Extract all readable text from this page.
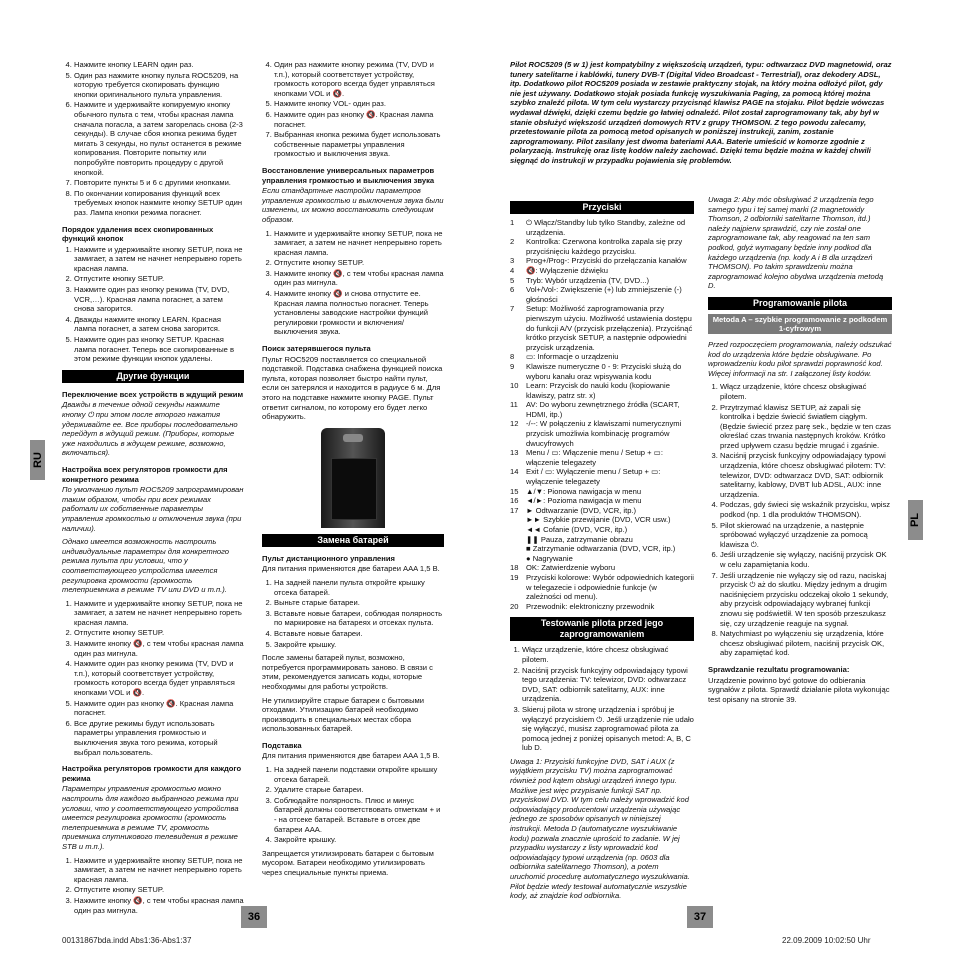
4. Нажмите кнопку LEARN один раз.
5. Один раз нажмите кнопку пульта ROC5209, на которую требуется скопировать функцию кнопки оригинального пульта управления.
6. Нажмите и удерживайте копируемую кнопку обычного пульта с тем, чтобы красная лампа сначала погасла, а затем загорелась снова (2-3 секунды). В случае сбоя кнопка режима будет мигать 3 секунды, но пульт останется в режиме копирования. Повторите попытку или попробуйте повторить процедуру с другой кнопкой.
7. Повторите пункты 5 и 6 с другими кнопками.
8. По окончании копирования функций всех требуемых кнопок нажмите кнопку SETUP один раз. Лампа кнопки режима погаснет.
Порядок удаления всех скопированных функций кнопок
1. Нажмите и удерживайте кнопку SETUP, пока не замигает, а затем не начнет непрерывно гореть красная лампа.
2. Отпустите кнопку SETUP.
3. Нажмите один раз кнопку режима (TV, DVD, VCR,…). Красная лампа погаснет, а затем снова загорится.
4. Дважды нажмите кнопку LEARN. Красная лампа погаснет, а затем снова загорится.
5. Нажмите один раз кнопку SETUP. Красная лампа погаснет. Теперь все скопированные в этом режиме функции кнопок удалены.
Другие функции
Переключение всех устройств в ждущий режим

Дважды в течение одной секунды нажмите кнопку ⏻ при этом после второго нажатия удерживайте ее. Все приборы последовательно перейдут в ждущий режим. (Приборы, которые уже находились в ждущем режиме, возможно, включаться).

Настройка всех регуляторов громкости для конкретного режима

По умолчанию пульт ROC5209 запрограммирован таким образом, чтобы при всех режимах работали их собственные параметры управления громкостью и отключения звука (при наличии).

Однако имеется возможность настроить индивидуальные параметры для конкретного режима пульта при условии, что у соответствующего устройства имеется регулировка громкости (громкость телеприемника в режиме TV или DVD и т.п.).

1. Нажмите и удерживайте кнопку SETUP, пока не замигает, а затем не начнет непрерывно гореть красная лампа.
2. Отпустите кнопку SETUP.
3. Нажмите кнопку 🔇, с тем чтобы красная лампа один раз мигнула.
4. Нажмите один раз кнопку режима (TV, DVD и т.п.), который соответствует устройству, громкость которого всегда будет управляться кнопками VOL и 🔇.
5. Нажмите один раз кнопку 🔇. Красная лампа погаснет.
6. Все другие режимы будут использовать параметры управления громкостью и выключения звука того режима, который выбрал пользователь.
Настройка регуляторов громкости для каждого режима

Параметры управления громкостью можно настроить для каждого выбранного режима при условии, что у соответствующего устройства имеется регулировка громкости (громкость телеприемника в режиме TV, громкость приемника спутникового телевидения в режиме STB и т.п.).

1. Нажмите и удерживайте кнопку SETUP, пока не замигает, а затем не начнет непрерывно гореть красная лампа.
2. Отпустите кнопку SETUP.
3. Нажмите кнопку 🔇, с тем чтобы красная лампа один раз мигнула.
4. Один раз нажмите кнопку режима (TV, DVD и т.п.), который соответствует устройству, громкость которого всегда будет управляться кнопками VOL и 🔇.
5. Нажмите кнопку VOL- один раз.
6. Нажмите один раз кнопку 🔇. Красная лампа погаснет.
7. Выбранная кнопка режима будет использовать собственные параметры управления громкостью и выключения звука.
Восстановление универсальных параметров управления громкостью и выключения звука

Если стандартные настройки параметров управления громкостью и выключения звука были изменены, их можно восстановить следующим образом.

1. Нажмите и удерживайте кнопку SETUP, пока не замигает, а затем не начнет непрерывно гореть красная лампа.
2. Отпустите кнопку SETUP.
3. Нажмите кнопку 🔇, с тем чтобы красная лампа один раз мигнула.
4. Нажмите кнопку 🔇 и снова отпустите ее. Красная лампа полностью погаснет. Теперь установлены заводские настройки функций регулировки громкости и включения/выключения звука.
Поиск затерявшегося пульта

Пульт ROC5209 поставляется со специальной подставкой. Подставка снабжена функцией поиска пульта, которая позволяет быстро найти пульт, если он затерялся и находится в радиусе 6 м. Для этого на подставке нажмите кнопку PAGE. Пульт ответит сигналом, по которому его будет легко обнаружить.

Замена батарей
Пульт дистанционного управления

Для питания применяются две батареи AAA 1,5 В.

1. На задней панели пульта откройте крышку отсека батарей.
2. Выньте старые батареи.
3. Вставьте новые батареи, соблюдая полярность по маркировке на батареях и отсеках пульта.
4. Вставьте новые батареи.
5. Закройте крышку.

После замены батарей пульт, возможно, потребуется программировать заново. В связи с этим, рекомендуется записать коды, которые необходимы для работы устройств.

Не утилизируйте старые батареи с бытовыми отходами. Утилизацию батарей необходимо производить в специальных местах сбора использованных батарей.

Подставка

Для питания применяются две батареи AAA 1,5 В.

1. На задней панели подставки откройте крышку отсека батарей.
2. Удалите старые батареи.
3. Соблюдайте полярность. Плюс и минус батарей должны соответствовать отметкам + и - на отсеке батарей. Вставьте в отсек две батареи AAA.
4. Закройте крышку.

Запрещается утилизировать батареи с бытовым мусором. Батареи необходимо утилизировать через специальные пункты приема.

Pilot ROC5209 (5 w 1) jest kompatybilny z większością urządzeń, typu: odtwarzacz DVD magnetowid, oraz tunery satelitarne i kablówki, tunery DVB-T (Digital Video Broadcast - Terrestrial), oraz dekodery ADSL, itp. Dodatkowo pilot ROC5209 posiada w zestawie praktyczny stojak, na który można odłożyć pilot, gdy nie jest używany. Dodatkowo stojak posiada funkcję wyszukiwania Paging, za pomocą której można szybko znaleźć pilota. W tym celu wystarczy przycisnąć klawisz PAGE na stojaku. Pilot będzie wówczas wydawał dźwięki, dzięki czemu będzie go łatwiej odnaleźć. Pilot został zaprogramowany tak, aby był w stanie obsłużyć większość urządzeń domowych RTV z grupy THOMSON. Z tego powodu zalecamy, przetestowanie pilota za pomocą metod opisanych w poniższej instrukcji, zanim, zostanie zaprogramowany. Pilot zasilany jest dwoma bateriami AAA. Baterie umieścić w komorze zgodnie z polaryzacją. Instrukcję oraz listę kodów należy zachować. Dzięki temu będzie można w każdej chwili sięgnąć do instrukcji w przypadku pojawienia się problemów.

Przyciski
1	⏻ Włącz/Standby lub tylko Standby, zależne od urządzenia.
2	Kontrolka: Czerwona kontrolka zapala się przy przyciśnięciu każdego przycisku.
3	Prog+/Prog-: Przyciski do przełączania kanałów
4	🔇: Wyłączenie dźwięku
5	Tryb: Wybór urządzenia (TV, DVD...)
6	Vol+/Vol-: Zwiększenie (+) lub zmniejszenie (-) głośności
7	Setup: Możliwość zaprogramowania przy pierwszym użyciu. Możliwość ustawienia dostępu do funkcji A/V (przycisk przełączenia). Przyciśnąć krótko przycisk SETUP, a następnie odpowiedni przycisk urządzenia.
8	▭: Informacje o urządzeniu
9	Klawisze numeryczne 0 - 9: Przyciski służą do wyboru kanału oraz wpisywania kodu
10 Learn: Przycisk do nauki kodu (kopiowanie klawiszy, patrz str. x)
11	AV: Do wyboru zewnętrznego źródła (SCART, HDMI, itp.)
12 -/--: W połączeniu z klawiszami numerycznymi przycisk umożliwia kombinację programów dwucyfrowych
13 Menu / ▭: Włączenie menu / Setup + ▭: włączenie telegazety
14 Exit / ▭: Wyłączenie menu / Setup + ▭: wyłączenie telegazety
15 ▲/▼: Pionowa nawigacja w menu
16 ◄/►: Pozioma nawigacja w menu
17 ► Odtwarzanie (DVD, VCR, itp.)
►► Szybkie przewijanie (DVD, VCR usw.)
◄◄ Cofanie (DVD, VCR, itp.)
❚❚ Pauza, zatrzymanie obrazu
■ Zatrzymanie odtwarzania (DVD, VCR, itp.)
● Nagrywanie
18 OK: Zatwierdzenie wyboru
19 Przyciski kolorowe: Wybór odpowiednich kategorii w telegazecie i odpowiednie funkcje (w zależności od menu).
20 Przewodnik: elektroniczny przewodnik
Testowanie pilota przed jego zaprogramowaniem
1. Włącz urządzenie, które chcesz obsługiwać pilotem.
2. Naciśnij przycisk funkcyjny odpowiadający typowi tego urządzenia: TV: telewizor, DVD: odtwarzacz DVD, SAT: odbiornik satelitarny, AUX: inne urządzenia.
3. Skieruj pilota w stronę urządzenia i spróbuj je wyłączyć przyciskiem ⏻. Jeśli urządzenie nie udało się wyłączyć, musisz zaprogramować pilota za pomocą jednej z poniżej opisanych metod: A, B, C lub D.

Uwaga 1: Przyciski funkcyjne DVD, SAT i AUX (z wyjątkiem przycisku TV) można zaprogramować również pod kątem obsługi urządzeń innego typu. Możliwe jest więc przypisanie funkcji SAT np. przyciskowi DVD. W tym celu należy wprowadzić kod odpowiadający producentowi urządzenia używając jednego ze sposobów opisanych w niniejszej instrukcji. Metoda D (automatyczne wyszukiwanie kodu) pozwala znacznie uprościć to zadanie. W jej przypadku wystarczy z listy wprowadzić kod odpowiadający typowi urządzenia (np. 0603 dla odbiornika satelitarnego Thomson), a potem uruchomić procedurę automatycznego wyszukiwania. Pilot będzie wtedy testował automatycznie wszystkie kody, aż znajdzie kod odbiornika.

Uwaga 2: Aby móc obsługiwać 2 urządzenia tego samego typu i tej samej marki (2 magnetowidy Thomson, 2 odbiorniki satelitarne Thomson, itd.) należy najpierw sprawdzić, czy nie został one zaprogramowane tak, aby reagować na ten sam podkod, gdyż wymagany będzie inny podkod dla każdego urządzenia (np. kody A i B dla urządzeń THOMSON). Po takim sprawdzeniu można zaprogramować kolejno obydwa urządzenia metodą D.

Programowanie pilota
Metoda A – szybkie programowanie z podkodem 1-cyfrowym

Przed rozpoczęciem programowania, należy odszukać kod do urządzenia które będzie obsługiwane. Po wprowadzeniu kodu pilot sprawdzi poprawność kod. Więcej informacji na str. I załączonej listy kodów.

1. Włącz urządzenie, które chcesz obsługiwać pilotem.
2. Przytrzymać klawisz SETUP, aż zapali się kontrolka i będzie świecić światłem ciągłym. (Będzie świecić przez parę sek., będzie w ten czas określać czas trwania następnych kroków. Krótko przed upływem czasu będzie mrugać i zgaśnie.
3. Naciśnij przycisk funkcyjny odpowiadający typowi urządzenia, które chcesz obsługiwać pilotem: TV: telewizor, DVD: odtwarzacz DVD, SAT: odbiornik satelitarny, kablowy, DVBT lub ADSL, AUX: inne urządzenia.
4. Podczas, gdy świeci się wskaźnik przycisku, wpisz podkod (np. 1 dla produktów THOMSON).
5. Pilot skierować na urządzenie, a następnie spróbować wyłączyć urządzenie za pomocą klawisza ⏻.
6. Jeśli urządzenie się wyłączy, naciśnij przycisk OK w celu zapamiętania kodu.
7. Jeśli urządzenie nie wyłączy się od razu, naciskaj przycisk ⏻ aż do skutku. Między jednym a drugim naciśnięciem przycisku odczekaj około 1 sekundy, aby przycisk odpowiadający wybranej funkcji znowu się podświetlił. W ten sposób przeszukasz się, czy urządzenie reaguje na sygnał.
8. Natychmiast po wyłączeniu się urządzenia, które chcesz obsługiwać pilotem, naciśnij przycisk OK, aby zapamiętać kod.
Sprawdzanie rezultatu programowania:

Urządzenie powinno być gotowe do odbierania sygnałów z pilota. Sprawdź działanie pilota wykonując test opisany na stronie 39.

RU
PL
36	37
00131867bda.indd Abs1:36-Abs1:37	22.09.2009 10:02:50 Uhr
